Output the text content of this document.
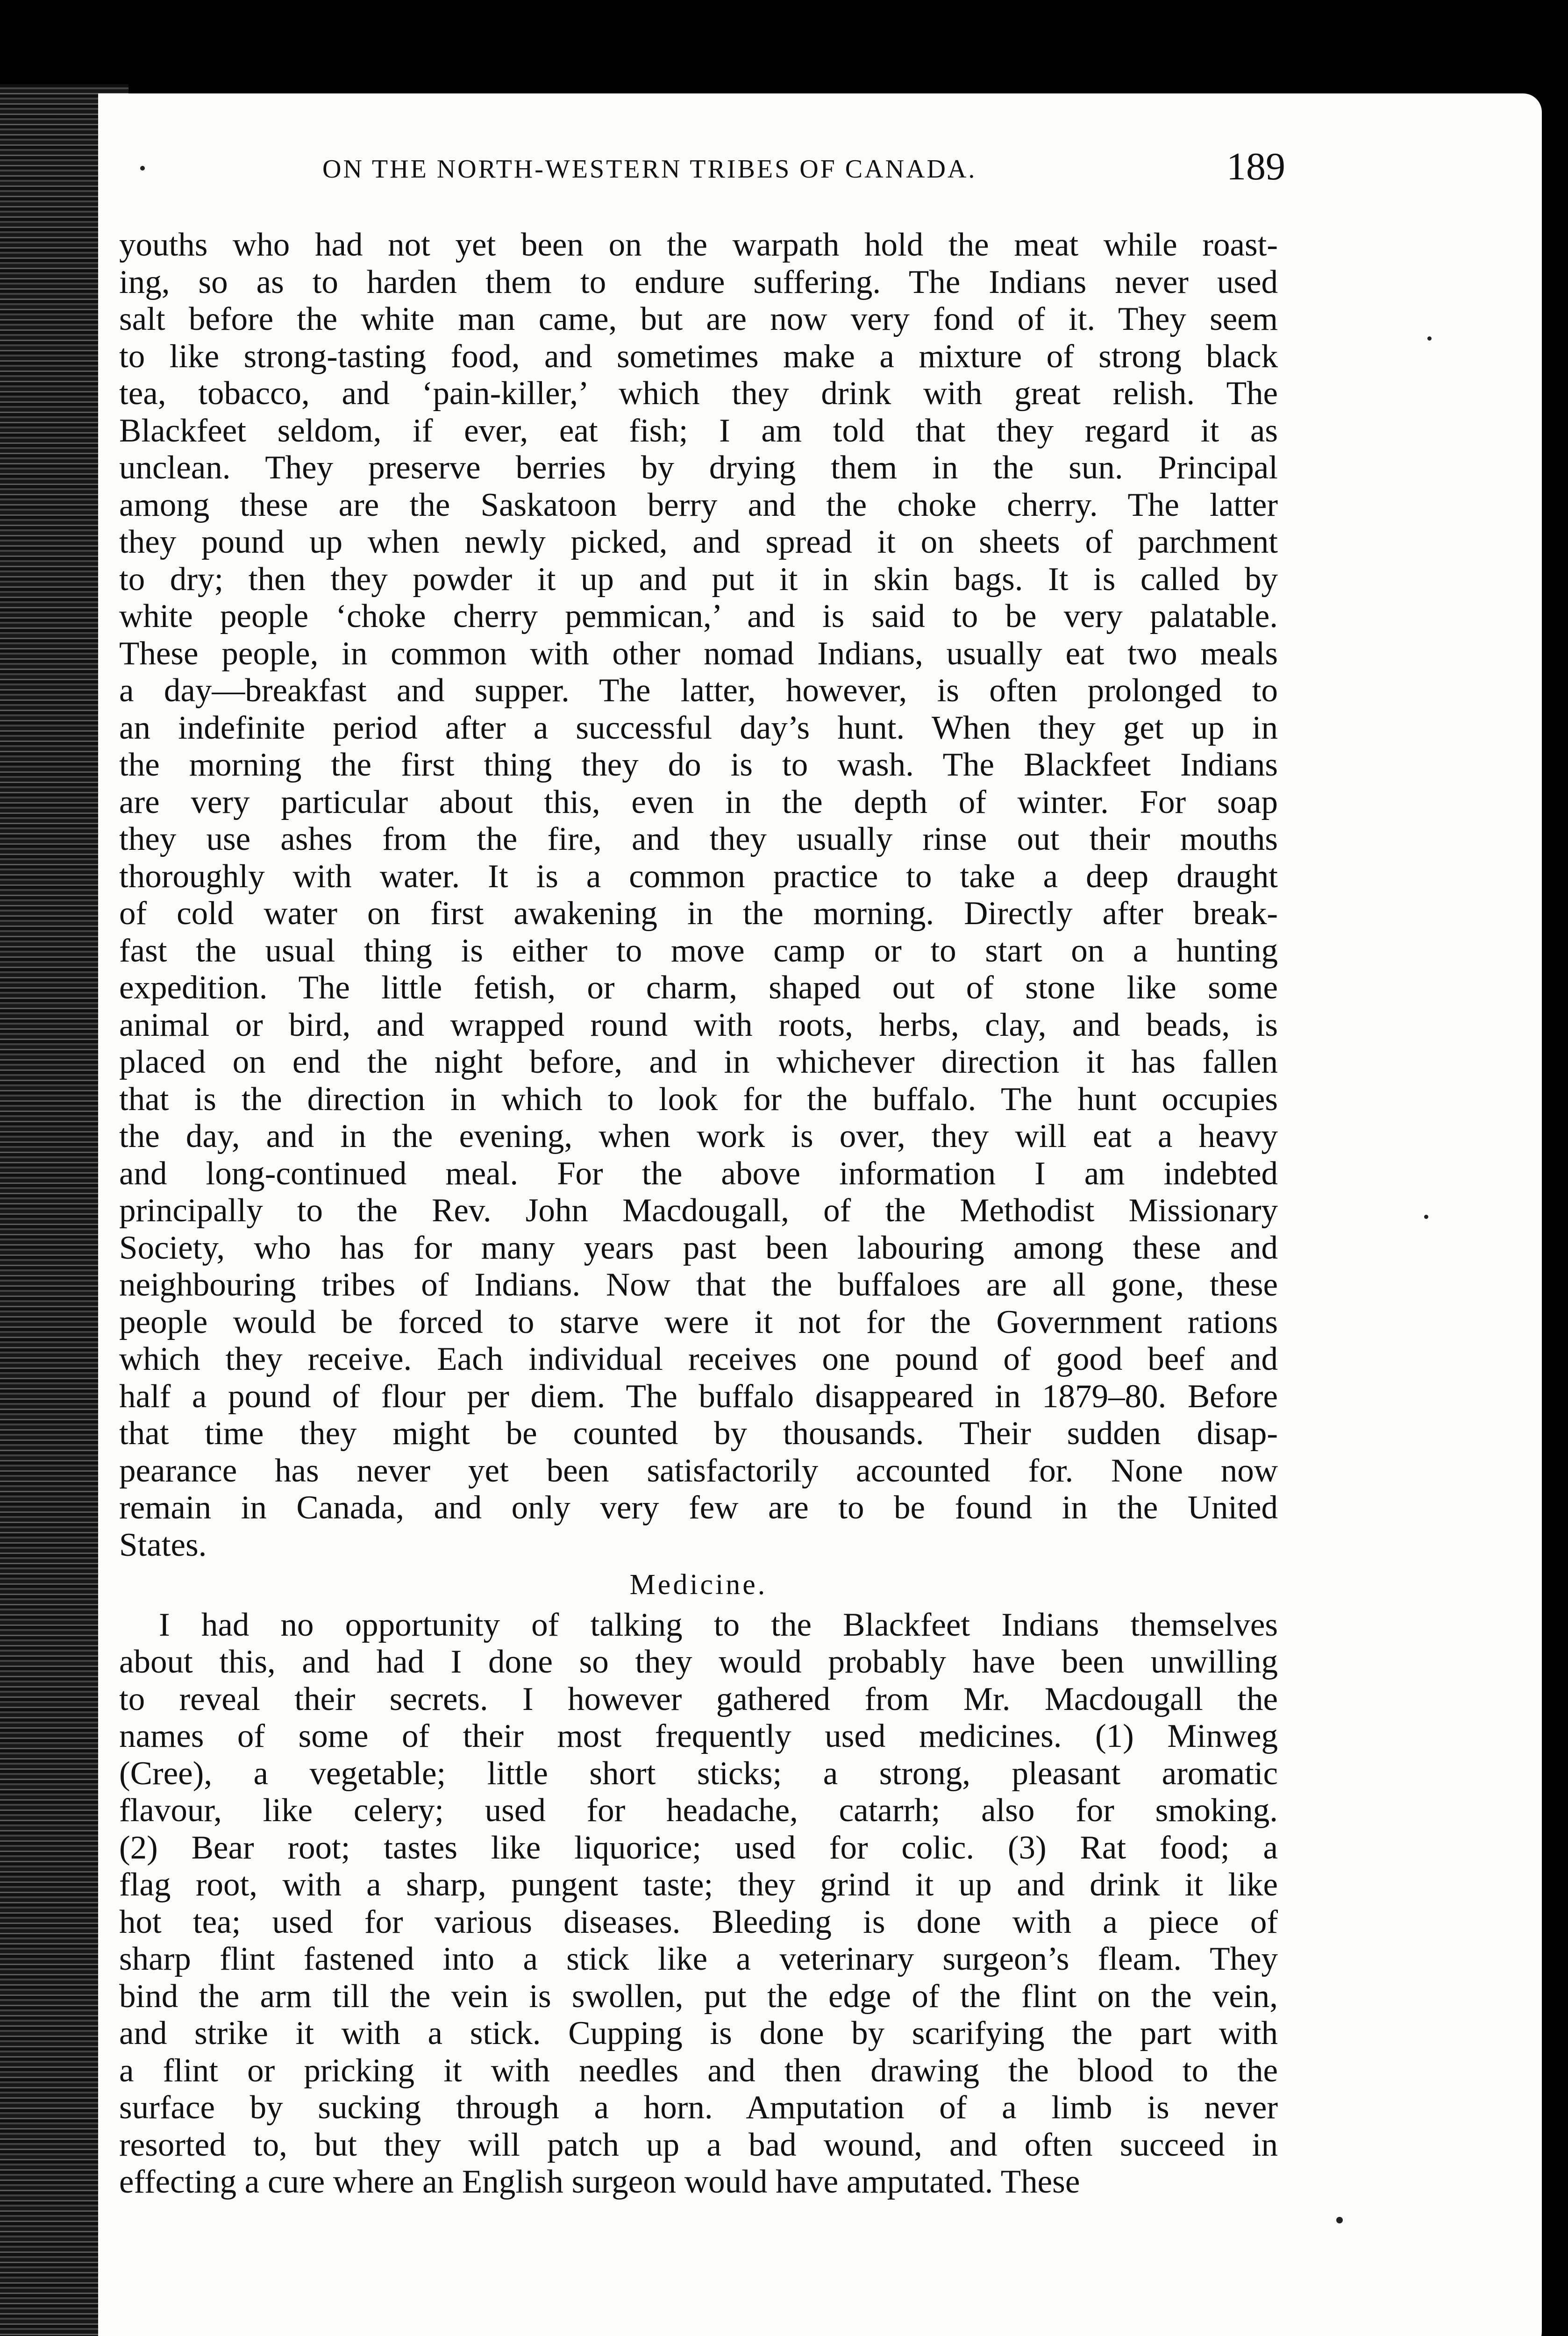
ON THE NORTH-WESTERN TRIBES OF CANADA.	189
youths who had not yet been on the warpath hold the meat while roast-
ing, so as to harden them to endure suffering. The Indians never used
salt before the white man came, but are now very fond of it. They seem
to like strong-tasting food, and sometimes make a mixture of strong black
tea, tobacco, and ‘pain-killer,’ which they drink with great relish. The
Blackfeet seldom, if ever, eat fish; I am told that they regard it as
unclean. They preserve berries by drying them in the sun. Principal
among these are the Saskatoon berry and the choke cherry. The latter
they pound up when newly picked, and spread it on sheets of parchment
to dry; then they powder it up and put it in skin bags. It is called by
white people ‘choke cherry pemmican,’ and is said to be very palatable.
These people, in common with other nomad Indians, usually eat two meals
a day—breakfast and supper. The latter, however, is often prolonged to
an indefinite period after a successful day’s hunt. When they get up in
the morning the first thing they do is to wash. The Blackfeet Indians
are very particular about this, even in the depth of winter. For soap
they use ashes from the fire, and they usually rinse out their mouths
thoroughly with water. It is a common practice to take a deep draught
of cold water on first awakening in the morning. Directly after break-
fast the usual thing is either to move camp or to start on a hunting
expedition. The little fetish, or charm, shaped out of stone like some
animal or bird, and wrapped round with roots, herbs, clay, and beads, is
placed on end the night before, and in whichever direction it has fallen
that is the direction in which to look for the buffalo. The hunt occupies
the day, and in the evening, when work is over, they will eat a heavy
and long-continued meal. For the above information I am indebted
principally to the Rev. John Macdougall, of the Methodist Missionary
Society, who has for many years past been labouring among these and
neighbouring tribes of Indians. Now that the buffaloes are all gone, these
people would be forced to starve were it not for the Government rations
which they receive. Each individual receives one pound of good beef and
half a pound of flour per diem. The buffalo disappeared in 1879–80. Before
that time they might be counted by thousands. Their sudden disap-
pearance has never yet been satisfactorily accounted for. None now
remain in Canada, and only very few are to be found in the United
States.
Medicine.
I had no opportunity of talking to the Blackfeet Indians themselves
about this, and had I done so they would probably have been unwilling
to reveal their secrets. I however gathered from Mr. Macdougall the
names of some of their most frequently used medicines. (1) Minweg
(Cree), a vegetable; little short sticks; a strong, pleasant aromatic
flavour, like celery; used for headache, catarrh; also for smoking.
(2) Bear root; tastes like liquorice; used for colic. (3) Rat food; a
flag root, with a sharp, pungent taste; they grind it up and drink it like
hot tea; used for various diseases. Bleeding is done with a piece of
sharp flint fastened into a stick like a veterinary surgeon’s fleam. They
bind the arm till the vein is swollen, put the edge of the flint on the vein,
and strike it with a stick. Cupping is done by scarifying the part with
a flint or pricking it with needles and then drawing the blood to the
surface by sucking through a horn. Amputation of a limb is never
resorted to, but they will patch up a bad wound, and often succeed in
effecting a cure where an English surgeon would have amputated. These
